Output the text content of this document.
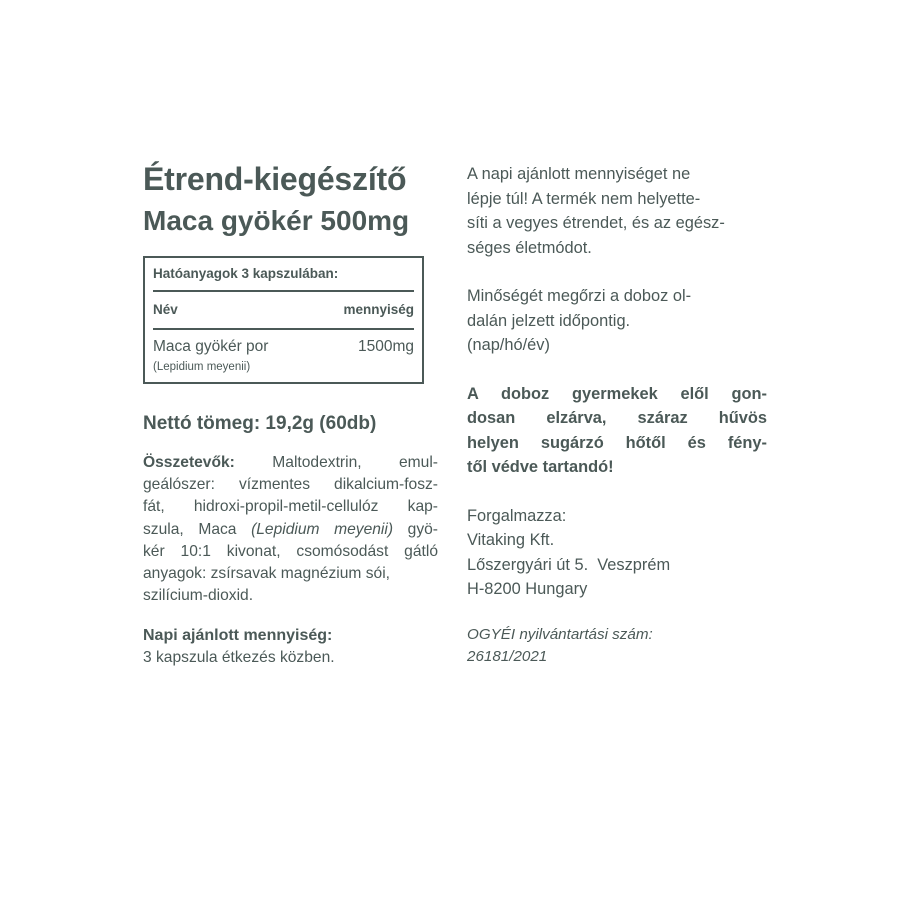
Étrend-kiegészítő
Maca gyökér 500mg
Hatóanyagok 3 kapszulában:
Név	mennyiség
Maca gyökér por
(Lepidium meyenii)
1500mg
Nettó tömeg: 19,2g (60db)

Összetevők: Maltodextrin, emul-
geálószer: vízmentes dikalcium-fosz-
fát, hidroxi-propil-metil-cellulóz kap-
szula, Maca (Lepidium meyenii) gyö-
kér 10:1 kivonat, csomósodást gátló
anyagok: zsírsavak magnézium sói,
szilícium-dioxid.

Napi ajánlott mennyiség:
3 kapszula étkezés közben.

A napi ajánlott mennyiséget ne
lépje túl! A termék nem helyette-
síti a vegyes étrendet, és az egész-
séges életmódot.

Minőségét megőrzi a doboz ol-
dalán jelzett időpontig.
(nap/hó/év)

A doboz gyermekek elől gon-
dosan elzárva, száraz hűvös
helyen sugárzó hőtől és fény-
től védve tartandó!

Forgalmazza:
Vitaking Kft.
Lőszergyári út 5.  Veszprém
H-8200 Hungary

OGYÉI nyilvántartási szám:
26181/2021
